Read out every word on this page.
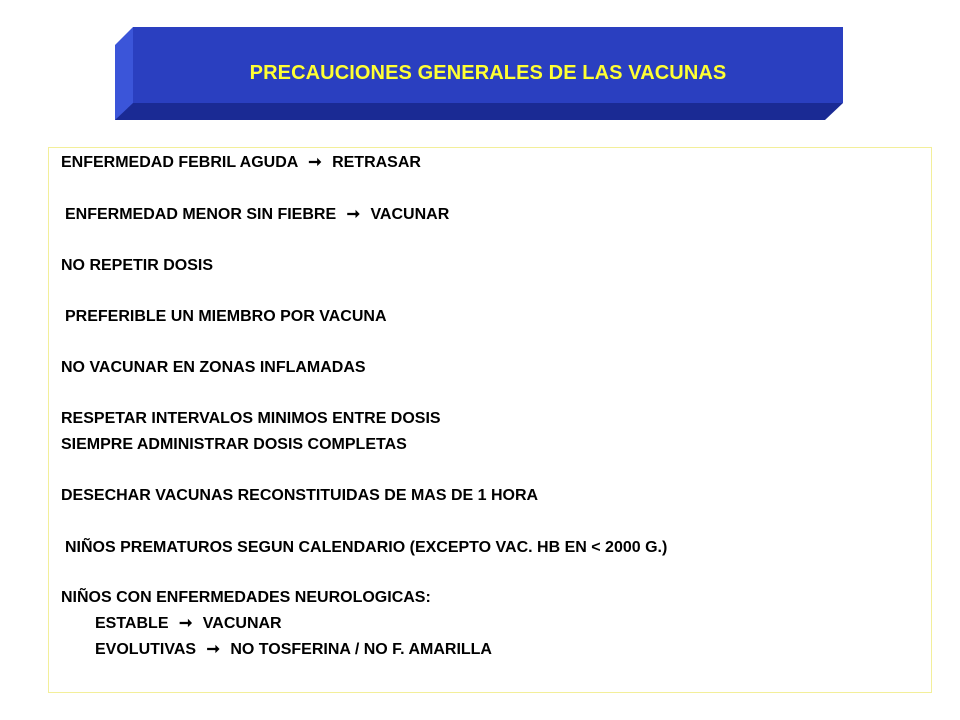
PRECAUCIONES GENERALES DE LAS VACUNAS
ENFERMEDAD FEBRIL AGUDA ➞ RETRASAR
ENFERMEDAD MENOR SIN FIEBRE ➞ VACUNAR
NO REPETIR DOSIS
PREFERIBLE UN MIEMBRO POR VACUNA
NO VACUNAR EN ZONAS INFLAMADAS
RESPETAR INTERVALOS MINIMOS ENTRE DOSIS
SIEMPRE ADMINISTRAR DOSIS COMPLETAS
DESECHAR VACUNAS RECONSTITUIDAS DE MAS DE 1 HORA
NIÑOS PREMATUROS SEGUN CALENDARIO (EXCEPTO VAC. HB EN < 2000 G.)
NIÑOS CON ENFERMEDADES NEUROLOGICAS:
ESTABLE ➞ VACUNAR
EVOLUTIVAS ➞ NO TOSFERINA / NO F. AMARILLA
